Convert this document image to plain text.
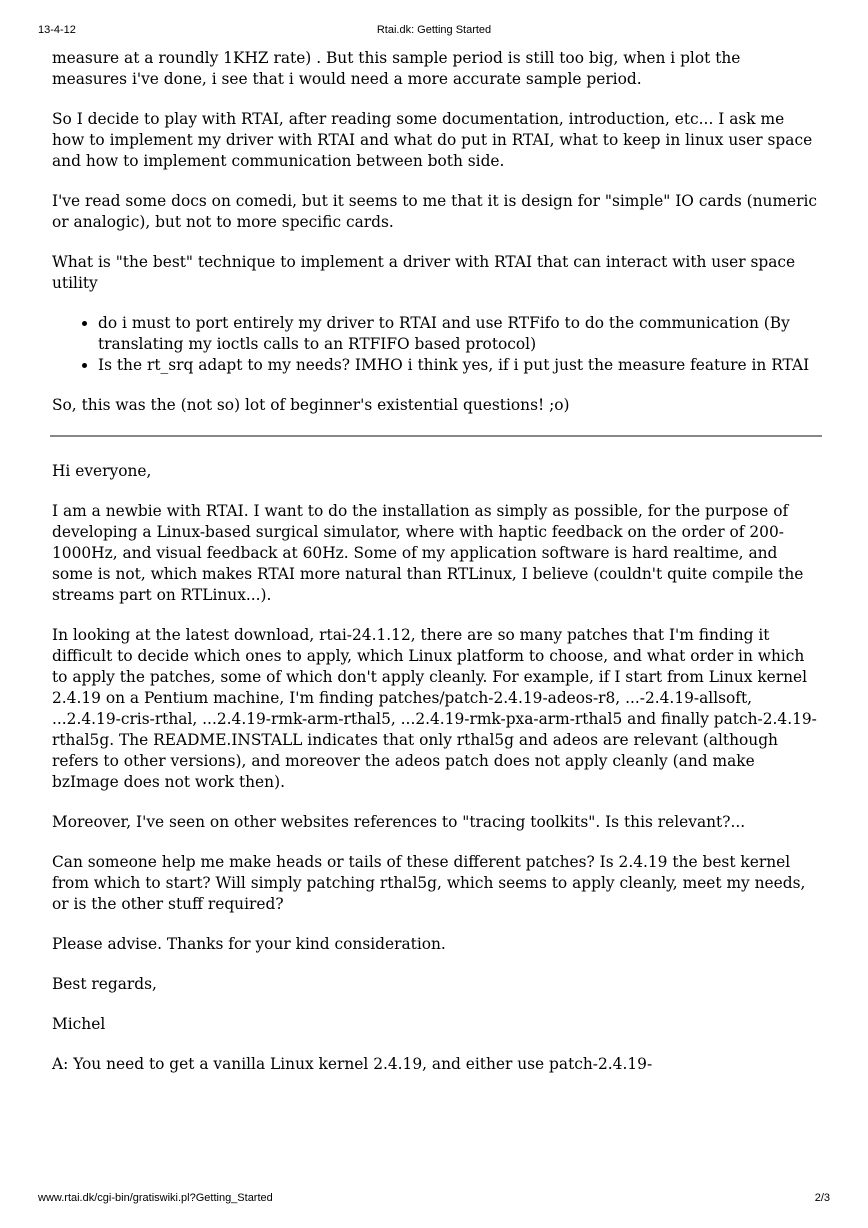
13-4-12	Rtai.dk: Getting Started

measure at a roundly 1KHZ rate) . But this sample period is still too big, when i plot the measures i've done, i see that i would need a more accurate sample period.

So I decide to play with RTAI, after reading some documentation, introduction, etc... I ask me how to implement my driver with RTAI and what do put in RTAI, what to keep in linux user space and how to implement communication between both side.

I've read some docs on comedi, but it seems to me that it is design for "simple" IO cards (numeric or analogic), but not to more specific cards.

What is "the best" technique to implement a driver with RTAI that can interact with user space utility

• do i must to port entirely my driver to RTAI and use RTFifo to do the communication (By translating my ioctls calls to an RTFIFO based protocol)
• Is the rt_srq adapt to my needs? IMHO i think yes, if i put just the measure feature in RTAI

So, this was the (not so) lot of beginner's existential questions! ;o)

Hi everyone,

I am a newbie with RTAI. I want to do the installation as simply as possible, for the purpose of developing a Linux-based surgical simulator, where with haptic feedback on the order of 200-1000Hz, and visual feedback at 60Hz. Some of my application software is hard realtime, and some is not, which makes RTAI more natural than RTLinux, I believe (couldn't quite compile the streams part on RTLinux...).

In looking at the latest download, rtai-24.1.12, there are so many patches that I'm finding it difficult to decide which ones to apply, which Linux platform to choose, and what order in which to apply the patches, some of which don't apply cleanly. For example, if I start from Linux kernel 2.4.19 on a Pentium machine, I'm finding patches/patch-2.4.19-adeos-r8, ...-2.4.19-allsoft, ...2.4.19-cris-rthal, ...2.4.19-rmk-arm-rthal5, ...2.4.19-rmk-pxa-arm-rthal5 and finally patch-2.4.19-rthal5g. The README.INSTALL indicates that only rthal5g and adeos are relevant (although refers to other versions), and moreover the adeos patch does not apply cleanly (and make bzImage does not work then).

Moreover, I've seen on other websites references to "tracing toolkits". Is this relevant?...

Can someone help me make heads or tails of these different patches? Is 2.4.19 the best kernel from which to start? Will simply patching rthal5g, which seems to apply cleanly, meet my needs, or is the other stuff required?

Please advise. Thanks for your kind consideration.

Best regards,

Michel

A: You need to get a vanilla Linux kernel 2.4.19, and either use patch-2.4.19-

www.rtai.dk/cgi-bin/gratiswiki.pl?Getting_Started	2/3
